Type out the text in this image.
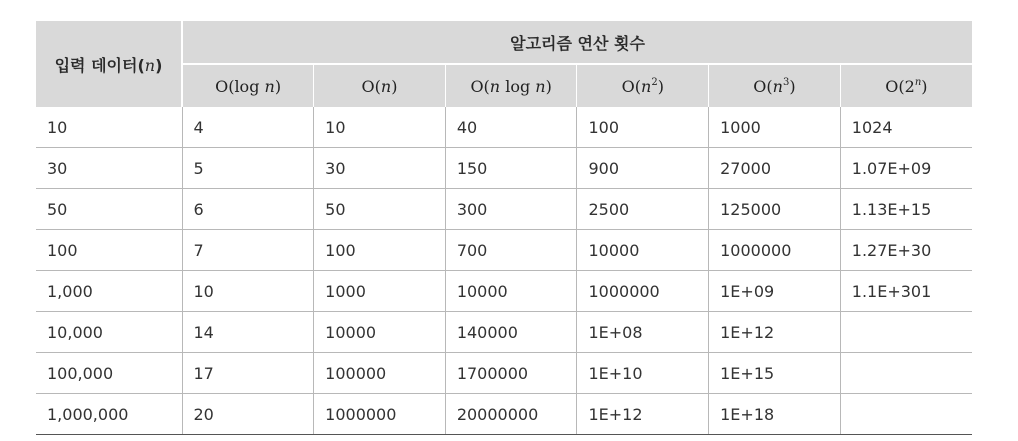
입력 데이터(n)	알고리즘 연산 횟수					
	O(log n)	O(n)	O(n log n)	$O(n^2)$	$O(n^3)$	O(2$^n$)
10	4	10	40	100	1000	1024
30	5	30	150	900	27000	1.07E+09
50	6	50	300	2500	125000	1.13E+15
100	7	100	700	10000	1000000	1.27E+30
1,000	10	1000	10000	1000000	1E+09	1.1E+301
10,000	14	10000	140000	1E+08	1E+12	
100,000	17	100000	1700000	1E+10	1E+15	
1,000,000	20	1000000	20000000	1E+12	1E+18	
